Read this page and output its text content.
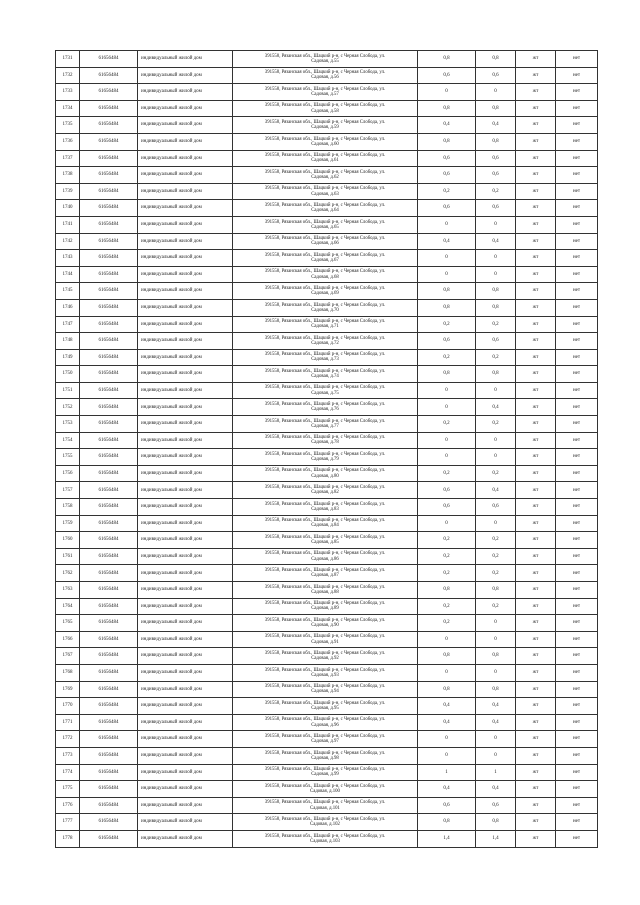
1731	61656484	индивидуальный жилой дом	391558, Рязанская обл., Шацкий р-н, с Черная Слобода, ул.
Садовая, д.55	0,8	0,8	жт	нет
1732	61656484	индивидуальный жилой дом	391558, Рязанская обл., Шацкий р-н, с Черная Слобода, ул.
Садовая, д.56	0,6	0,6	жт	нет
1733	61656484	индивидуальный жилой дом	391558, Рязанская обл., Шацкий р-н, с Черная Слобода, ул.
Садовая, д.57	0	0	жт	нет
1734	61656484	индивидуальный жилой дом	391558, Рязанская обл., Шацкий р-н, с Черная Слобода, ул.
Садовая, д.58	0,8	0,8	жт	нет
1735	61656484	индивидуальный жилой дом	391558, Рязанская обл., Шацкий р-н, с Черная Слобода, ул.
Садовая, д.59	0,4	0,4	жт	нет
1736	61656484	индивидуальный жилой дом	391558, Рязанская обл., Шацкий р-н, с Черная Слобода, ул.
Садовая, д.60	0,8	0,8	жт	нет
1737	61656484	индивидуальный жилой дом	391558, Рязанская обл., Шацкий р-н, с Черная Слобода, ул.
Садовая, д.61	0,6	0,6	жт	нет
1738	61656484	индивидуальный жилой дом	391558, Рязанская обл., Шацкий р-н, с Черная Слобода, ул.
Садовая, д.62	0,6	0,6	жт	нет
1739	61656484	индивидуальный жилой дом	391558, Рязанская обл., Шацкий р-н, с Черная Слобода, ул.
Садовая, д.63	0,2	0,2	жт	нет
1740	61656484	индивидуальный жилой дом	391558, Рязанская обл., Шацкий р-н, с Черная Слобода, ул.
Садовая, д.64	0,6	0,6	жт	нет
1741	61656484	индивидуальный жилой дом	391558, Рязанская обл., Шацкий р-н, с Черная Слобода, ул.
Садовая, д.65	0	0	жт	нет
1742	61656484	индивидуальный жилой дом	391558, Рязанская обл., Шацкий р-н, с Черная Слобода, ул.
Садовая, д.66	0,4	0,4	жт	нет
1743	61656484	индивидуальный жилой дом	391558, Рязанская обл., Шацкий р-н, с Черная Слобода, ул.
Садовая, д.67	0	0	жт	нет
1744	61656484	индивидуальный жилой дом	391558, Рязанская обл., Шацкий р-н, с Черная Слобода, ул.
Садовая, д.68	0	0	жт	нет
1745	61656484	индивидуальный жилой дом	391558, Рязанская обл., Шацкий р-н, с Черная Слобода, ул.
Садовая, д.69	0,8	0,8	жт	нет
1746	61656484	индивидуальный жилой дом	391558, Рязанская обл., Шацкий р-н, с Черная Слобода, ул.
Садовая, д.70	0,8	0,8	жт	нет
1747	61656484	индивидуальный жилой дом	391558, Рязанская обл., Шацкий р-н, с Черная Слобода, ул.
Садовая, д.71	0,2	0,2	жт	нет
1748	61656484	индивидуальный жилой дом	391558, Рязанская обл., Шацкий р-н, с Черная Слобода, ул.
Садовая, д.72	0,6	0,6	жт	нет
1749	61656484	индивидуальный жилой дом	391558, Рязанская обл., Шацкий р-н, с Черная Слобода, ул.
Садовая, д.73	0,2	0,2	жт	нет
1750	61656484	индивидуальный жилой дом	391558, Рязанская обл., Шацкий р-н, с Черная Слобода, ул.
Садовая, д.74	0,8	0,8	жт	нет
1751	61656484	индивидуальный жилой дом	391558, Рязанская обл., Шацкий р-н, с Черная Слобода, ул.
Садовая, д.75	0	0	жт	нет
1752	61656484	индивидуальный жилой дом	391558, Рязанская обл., Шацкий р-н, с Черная Слобода, ул.
Садовая, д.76	0	0,4	жт	нет
1753	61656484	индивидуальный жилой дом	391558, Рязанская обл., Шацкий р-н, с Черная Слобода, ул.
Садовая, д.77	0,2	0,2	жт	нет
1754	61656484	индивидуальный жилой дом	391558, Рязанская обл., Шацкий р-н, с Черная Слобода, ул.
Садовая, д.78	0	0	жт	нет
1755	61656484	индивидуальный жилой дом	391558, Рязанская обл., Шацкий р-н, с Черная Слобода, ул.
Садовая, д.79	0	0	жт	нет
1756	61656484	индивидуальный жилой дом	391558, Рязанская обл., Шацкий р-н, с Черная Слобода, ул.
Садовая, д.80	0,2	0,2	жт	нет
1757	61656484	индивидуальный жилой дом	391558, Рязанская обл., Шацкий р-н, с Черная Слобода, ул.
Садовая, д.82	0,6	0,4	жт	нет
1758	61656484	индивидуальный жилой дом	391558, Рязанская обл., Шацкий р-н, с Черная Слобода, ул.
Садовая, д.83	0,6	0,6	жт	нет
1759	61656484	индивидуальный жилой дом	391558, Рязанская обл., Шацкий р-н, с Черная Слобода, ул.
Садовая, д.84	0	0	жт	нет
1760	61656484	индивидуальный жилой дом	391558, Рязанская обл., Шацкий р-н, с Черная Слобода, ул.
Садовая, д.85	0,2	0,2	жт	нет
1761	61656484	индивидуальный жилой дом	391558, Рязанская обл., Шацкий р-н, с Черная Слобода, ул.
Садовая, д.86	0,2	0,2	жт	нет
1762	61656484	индивидуальный жилой дом	391558, Рязанская обл., Шацкий р-н, с Черная Слобода, ул.
Садовая, д.87	0,2	0,2	жт	нет
1763	61656484	индивидуальный жилой дом	391558, Рязанская обл., Шацкий р-н, с Черная Слобода, ул.
Садовая, д.88	0,8	0,8	жт	нет
1764	61656484	индивидуальный жилой дом	391558, Рязанская обл., Шацкий р-н, с Черная Слобода, ул.
Садовая, д.89	0,2	0,2	жт	нет
1765	61656484	индивидуальный жилой дом	391558, Рязанская обл., Шацкий р-н, с Черная Слобода, ул.
Садовая, д.90	0,2	0	жт	нет
1766	61656484	индивидуальный жилой дом	391558, Рязанская обл., Шацкий р-н, с Черная Слобода, ул.
Садовая, д.91	0	0	жт	нет
1767	61656484	индивидуальный жилой дом	391558, Рязанская обл., Шацкий р-н, с Черная Слобода, ул.
Садовая, д.92	0,8	0,8	жт	нет
1768	61656484	индивидуальный жилой дом	391558, Рязанская обл., Шацкий р-н, с Черная Слобода, ул.
Садовая, д.93	0	0	жт	нет
1769	61656484	индивидуальный жилой дом	391558, Рязанская обл., Шацкий р-н, с Черная Слобода, ул.
Садовая, д.94	0,8	0,8	жт	нет
1770	61656484	индивидуальный жилой дом	391558, Рязанская обл., Шацкий р-н, с Черная Слобода, ул.
Садовая, д.95	0,4	0,4	жт	нет
1771	61656484	индивидуальный жилой дом	391558, Рязанская обл., Шацкий р-н, с Черная Слобода, ул.
Садовая, д.96	0,4	0,4	жт	нет
1772	61656484	индивидуальный жилой дом	391558, Рязанская обл., Шацкий р-н, с Черная Слобода, ул.
Садовая, д.97	0	0	жт	нет
1773	61656484	индивидуальный жилой дом	391558, Рязанская обл., Шацкий р-н, с Черная Слобода, ул.
Садовая, д.98	0	0	жт	нет
1774	61656484	индивидуальный жилой дом	391558, Рязанская обл., Шацкий р-н, с Черная Слобода, ул.
Садовая, д.99	1	1	жт	нет
1775	61656484	индивидуальный жилой дом	391558, Рязанская обл., Шацкий р-н, с Черная Слобода, ул.
Садовая, д.100	0,4	0,4	жт	нет
1776	61656484	индивидуальный жилой дом	391558, Рязанская обл., Шацкий р-н, с Черная Слобода, ул.
Садовая, д.101	0,6	0,6	жт	нет
1777	61656484	индивидуальный жилой дом	391558, Рязанская обл., Шацкий р-н, с Черная Слобода, ул.
Садовая, д.102	0,8	0,8	жт	нет
1778	61656484	индивидуальный жилой дом	391558, Рязанская обл., Шацкий р-н, с Черная Слобода, ул.
Садовая, д.103	1,4	1,4	жт	нет
